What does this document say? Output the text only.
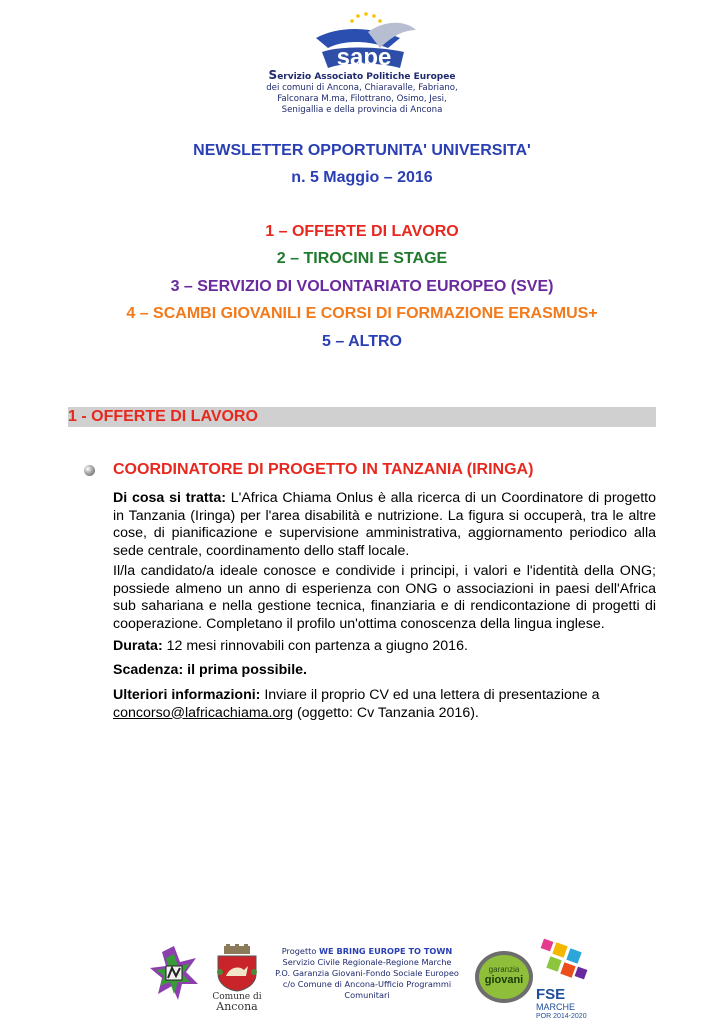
sape
Servizio Associato Politiche Europee
dei comuni di Ancona, Chiaravalle, Fabriano,
Falconara M.ma, Filottrano, Osimo, Jesi,
Senigallia e della provincia di Ancona
NEWSLETTER OPPORTUNITA' UNIVERSITA'
n. 5 Maggio – 2016
1 – OFFERTE DI LAVORO
2 – TIROCINI E STAGE
3 – SERVIZIO DI VOLONTARIATO EUROPEO (SVE)
4 – SCAMBI GIOVANILI E CORSI DI FORMAZIONE ERASMUS+
5 – ALTRO
1 - OFFERTE DI LAVORO
COORDINATORE DI PROGETTO IN TANZANIA (IRINGA)
Di cosa si tratta: L'Africa Chiama Onlus è alla ricerca di un Coordinatore di progetto in Tanzania (Iringa) per l'area disabilità e nutrizione. La figura si occuperà, tra le altre cose, di pianificazione e supervisione amministrativa, aggiornamento periodico alla sede centrale, coordinamento dello staff locale.
Il/la candidato/a ideale conosce e condivide i principi, i valori e l'identità della ONG; possiede almeno un anno di esperienza con ONG o associazioni in paesi dell'Africa sub sahariana e nella gestione tecnica, finanziaria e di rendicontazione di progetti di cooperazione. Completano il profilo un'ottima conoscenza della lingua inglese.
Durata: 12 mesi rinnovabili con partenza a giugno 2016.
Scadenza: il prima possibile.
Ulteriori informazioni: Inviare il proprio CV ed una lettera di presentazione a
concorso@lafricachiama.org (oggetto: Cv Tanzania 2016).
Comune di
Ancona
Progetto WE BRING EUROPE TO TOWN
Servizio Civile Regionale-Regione Marche
P.O. Garanzia Giovani-Fondo Sociale Europeo
c/o Comune di Ancona-Ufficio Programmi Comunitari
garanzia
giovani
FSE
MARCHE
POR 2014-2020
